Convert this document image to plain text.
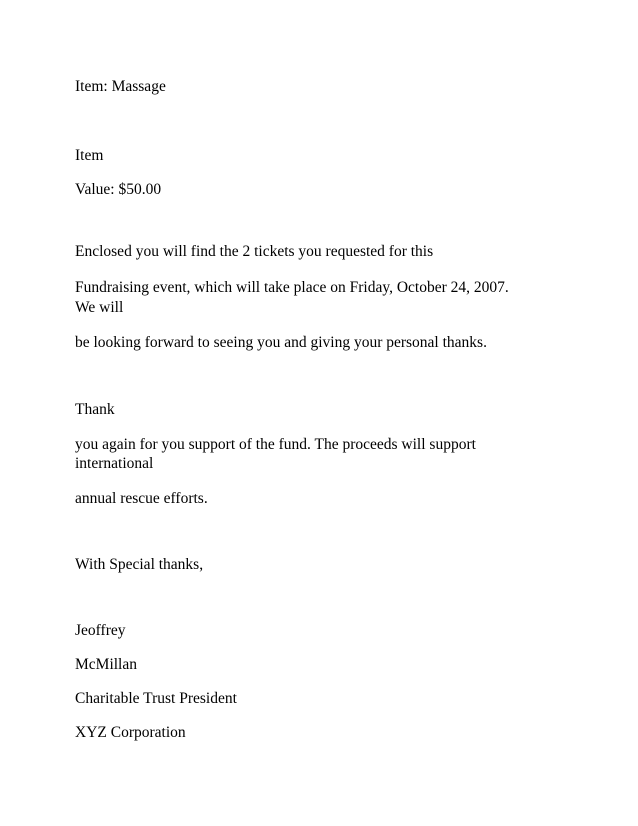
Item: Massage

Item

Value: $50.00

Enclosed you will find the 2 tickets you requested for this

Fundraising event, which will take place on Friday, October 24, 2007.

We will

be looking forward to seeing you and giving your personal thanks.

Thank

you again for you support of the fund. The proceeds will support

international

annual rescue efforts.

With Special thanks,

Jeoffrey

McMillan

Charitable Trust President

XYZ Corporation
